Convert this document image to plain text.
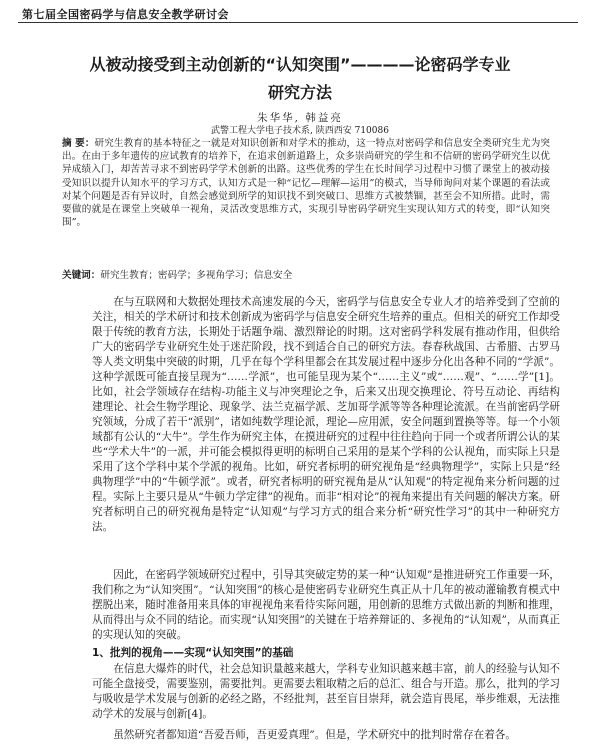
第七届全国密码学与信息安全教学研讨会
从被动接受到主动创新的“认知突围”————论密码学专业
研究方法
朱华华, 韩益亮
武警工程大学电子技术系, 陕西西安 710086
摘 要：研究生教育的基本特征之一就是对知识创新和对学术的推动，这一特点对密码学和信息安全类研究生尤为突出。在由于多年遗传的应试教育的培养下，在追求创新道路上，众多崇尚研究的学生和不信研的密码学研究生以优异成绩入门，却苦苦寻求不到密码学学术创新的出路。这些优秀的学生在长时间学习过程中习惯了课堂上的被动接受知识以提升认知水平的学习方式，认知方式是一种“记忆—理解—运用”的模式，当导师询问对某个课题的看法或对某个问题是否有异议时，自然会感觉到所学的知识找不到突破口、思维方式被禁锢，甚至会不知所措。此时，需要做的就是在课堂上突破单一视角，灵活改变思维方式，实现引导密码学研究生实现认知方式的转变，即“认知突围”。
关键词：研究生教育；密码学；多视角学习；信息安全
在与互联网和大数据处理技术高速发展的今天，密码学与信息安全专业人才的培养受到了空前的关注，相关的学术研讨和技术创新成为密码学与信息安全研究生培养的重点。但相关的研究工作却受限于传统的教育方法，长期处于话题争端、激烈辩论的时期。这对密码学科发展有推动作用，但供给广大的密码学专业研究生处于迷茫阶段，找不到适合自己的研究方法。春春秋战国、古希腊、古罗马等人类文明集中突破的时期，几乎在每个学科里都会在其发展过程中逐步分化出各种不同的“学派”。这种学派既可能直接呈现为“……学派”，也可能呈现为某个“……主义”或“……观”、“……学”[1]。比如，社会学领域存在结构-功能主义与冲突理论之争，后来又出现交换理论、符号互动论、再结构建理论、社会生物学理论、现象学、法兰克福学派、芝加哥学派等等各种理论流派。在当前密码学研究领域，分成了若干“派别”，诸如纯数学理论派，理论—应用派，安全问题到置换等等。每一个小领域都有公认的“大牛”。学生作为研究主体，在摸进研究的过程中往往趋向于同一个或者所谓公认的某些“学术大牛”的一派，并可能会模拟得更明的标明自己采用的是某个学科的公认视角，而实际上只是采用了这个学科中某个学派的视角。比如，研究者标明的研究视角是“经典物理学”，实际上只是“经典物理学”中的“牛顿学派”。或者，研究者标明的研究视角是从“认知观”的特定视角来分析问题的过程。实际上主要只是从“牛顿力学定律”的视角。而非“相对论”的视角来提出有关问题的解决方案。研究者标明自己的研究视角是特定“认知观”与学习方式的组合来分析“研究性学习”的其中一种研究方法。
因此，在密码学领域研究过程中，引导其突破定势的某一种“认知观”是推进研究工作重要一环，我们称之为“认知突围”。“认知突围”的核心是使密码专业研究生真正从十几年的被动灌输教育模式中摆脱出来，随时准备用来具体的审视视角来看待实际问题，用创新的思维方式做出新的判断和推理，从而得出与众不同的结论。而实现“认知突围”的关键在于培养辩证的、多视角的“认知观”，从而真正的实现认知的突破。
1、批判的视角——实现“认知突围”的基础
在信息大爆炸的时代，社会总知识量越来越大，学科专业知识越来越丰富，前人的经验与认知不可能全盘接受，需要鉴别，需要批判。更需要去粗取精之后的总汇、组合与开造。那么，批判的学习与吸收是学术发展与创新的必经之路，不经批判，甚至盲目崇拜，就会造肓畏尾，举步维艰，无法推动学术的发展与创新[4]。
虽然研究者都知道“吾爱吾师，吾更爱真理”。但是，学术研究中的批判时常存在着各。
